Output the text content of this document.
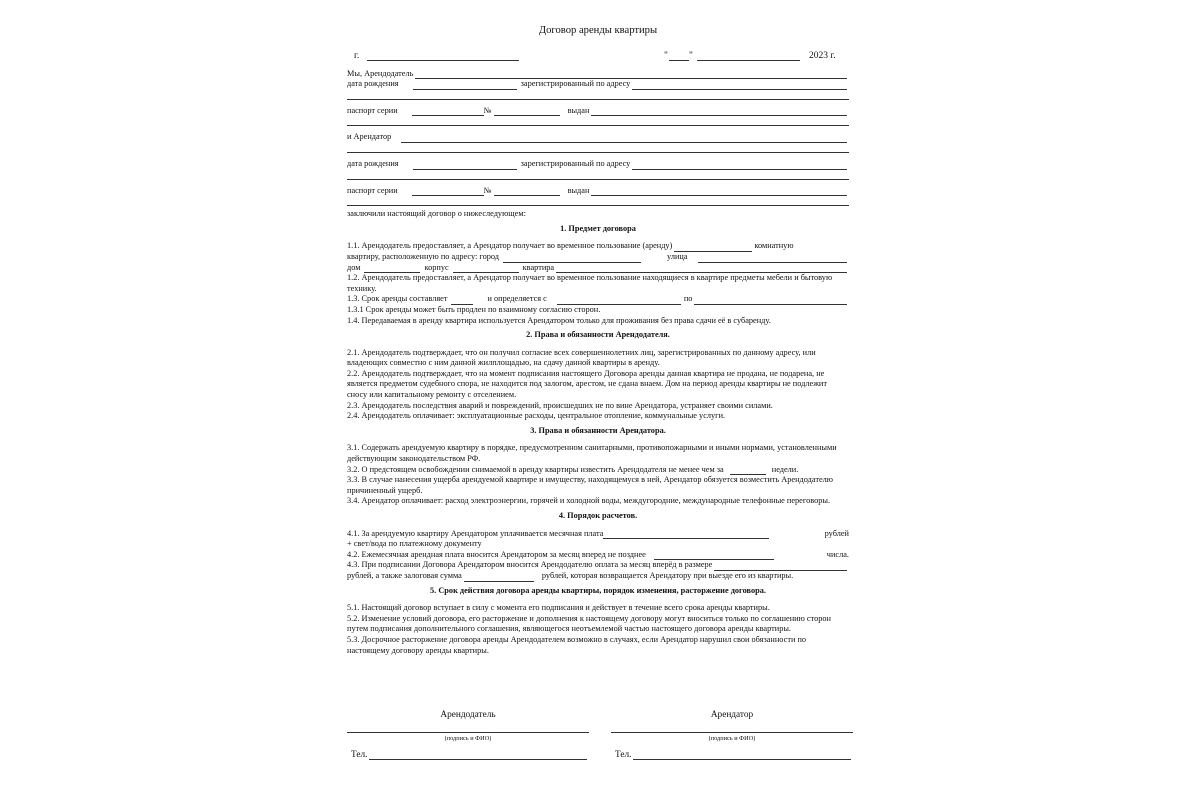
Договор аренды квартиры
г.	" "	2023 г.
Мы, Арендодатель
дата рождения	зарегистрированный по адресу
паспорт серии	№	выдан
и Арендатор
дата рождения	зарегистрированный по адресу
паспорт серии	№	выдан
заключили настоящий договор о нижеследующем:
1. Предмет договора
1.1. Арендодатель предоставляет, а Арендатор получает во временное пользование (аренду)	комнатную
квартиру, расположенную по адресу: город	улица
дом	корпус	квартира
1.2. Арендодатель предоставляет, а Арендатор получает во временное пользование находящиеся в квартире предметы мебели и бытовую технику.
1.3. Срок аренды составляет	и определяется с	по
1.3.1 Срок аренды может быть продлен по взаимному согласию сторон.
1.4. Передаваемая в аренду квартира используется Арендатором только для проживания без права сдачи её в субаренду.
2. Права и обязанности Арендодателя.
2.1. Арендодатель подтверждает, что он получил согласие всех совершеннолетних лиц, зарегистрированных по данному адресу, или владеющих совместно с ним данной жилплощадью, на сдачу данной квартиры в аренду.
2.2. Арендодатель подтверждает, что на момент подписания настоящего Договора аренды данная квартира не продана, не подарена, не является предметом судебного спора, не находится под залогом, арестом, не сдана внаем. Дом на период аренды квартиры не подлежит сносу или капитальному ремонту с отселением.
2.3. Арендодатель последствия аварий и повреждений, происшедших не по вине Арендатора, устраняет своими силами.
2.4. Арендодатель оплачивает: эксплуатационные расходы, центральное отопление, коммунальные услуги.
3. Права и обязанности Арендатора.
3.1. Содержать арендуемую квартиру в порядке, предусмотренном санитарными, противопожарными и иными нормами, установленными действующим законодательством РФ.
3.2. О предстоящем освобождении снимаемой в аренду квартиры известить Арендодателя не менее чем за	недели.
3.3. В случае нанесения ущерба арендуемой квартире и имуществу, находящемуся в ней, Арендатор обязуется возместить Арендодателю причиненный ущерб.
3.4. Арендатор оплачивает: расход электроэнергии, горячей и холодной воды, междугородние, международные телефонные переговоры.
4. Порядок расчетов.
4.1. За арендуемую квартиру Арендатором уплачивается месячная плата	рублей
+ свет/вода по платежному документу
4.2. Ежемесячная арендная плата вносится Арендатором за месяц вперед не позднее	числа.
4.3. При подписании Договора Арендатором вносится Арендодателю оплата за месяц вперёд в размере
рублей, а также залоговая сумма	рублей, которая возвращается Арендатору при выезде его из квартиры.
5. Срок действия договора аренды квартиры, порядок изменения, расторжение договора.
5.1. Настоящий договор вступает в силу с момента его подписания и действует в течение всего срока аренды квартиры.
5.2. Изменение условий договора, его расторжение и дополнения к настоящему договору могут вноситься только по соглашению сторон путем подписания дополнительного соглашения, являющегося неотъемлемой частью настоящего договора аренды квартиры.
5.3. Досрочное расторжение договора аренды Арендодателем возможно в случаях, если Арендатор нарушил свои обязанности по настоящему договору аренды квартиры.
Арендодатель
(подпись и ФИО)
Тел.
Арендатор
(подпись и ФИО)
Тел.
